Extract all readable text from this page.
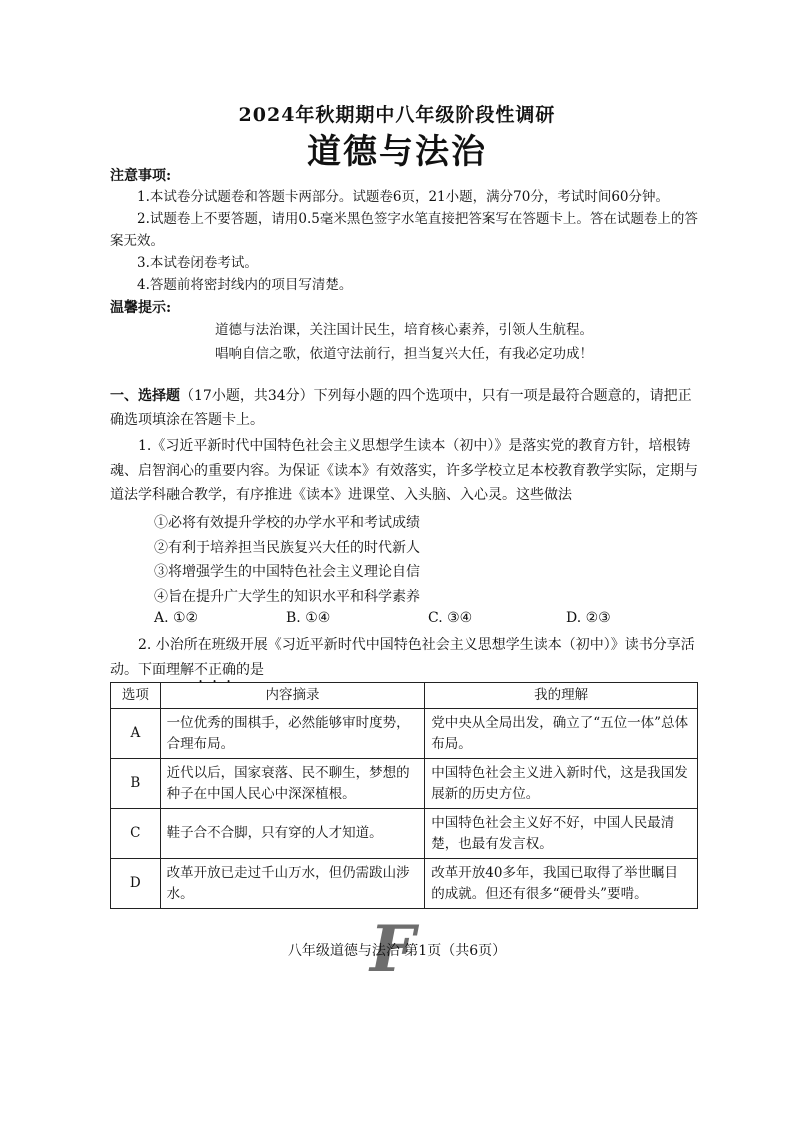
2024年秋期期中八年级阶段性调研
道德与法治
注意事项:

1.本试卷分试题卷和答题卡两部分。试题卷6页，21小题，满分70分，考试时间60分钟。

2.试题卷上不要答题，请用0.5毫米黑色签字水笔直接把答案写在答题卡上。答在试题卷上的答案无效。

3.本试卷闭卷考试。

4.答题前将密封线内的项目写清楚。

温馨提示:

道德与法治课，关注国计民生，培育核心素养，引领人生航程。

唱响自信之歌，依道守法前行，担当复兴大任，有我必定功成！

一、选择题（17小题，共34分）下列每小题的四个选项中，只有一项是最符合题意的，请把正确选项填涂在答题卡上。

1.《习近平新时代中国特色社会主义思想学生读本（初中）》是落实党的教育方针，培根铸魂、启智润心的重要内容。为保证《读本》有效落实，许多学校立足本校教育教学实际，定期与道法学科融合教学，有序推进《读本》进课堂、入头脑、入心灵。这些做法

①必将有效提升学校的办学水平和考试成绩
②有利于培养担当民族复兴大任的时代新人
③将增强学生的中国特色社会主义理论自信
④旨在提升广大学生的知识水平和科学素养
A. ①②	B. ①④	C. ③④	D. ②③

2. 小治所在班级开展《习近平新时代中国特色社会主义思想学生读本（初中）》读书分享活动。下面理解不正确的是

选项	内容摘录	我的理解
A	一位优秀的围棋手，必然能够审时度势，合理布局。	党中央从全局出发，确立了“五位一体”总体布局。
B	近代以后，国家衰落、民不聊生，梦想的种子在中国人民心中深深植根。	中国特色社会主义进入新时代，这是我国发展新的历史方位。
C	鞋子合不合脚，只有穿的人才知道。	中国特色社会主义好不好，中国人民最清楚，也最有发言权。
D	改革开放已走过千山万水，但仍需跋山涉水。	改革开放40多年，我国已取得了举世瞩目的成就。但还有很多“硬骨头”要啃。
F
八年级道德与法治 第1页（共6页）
